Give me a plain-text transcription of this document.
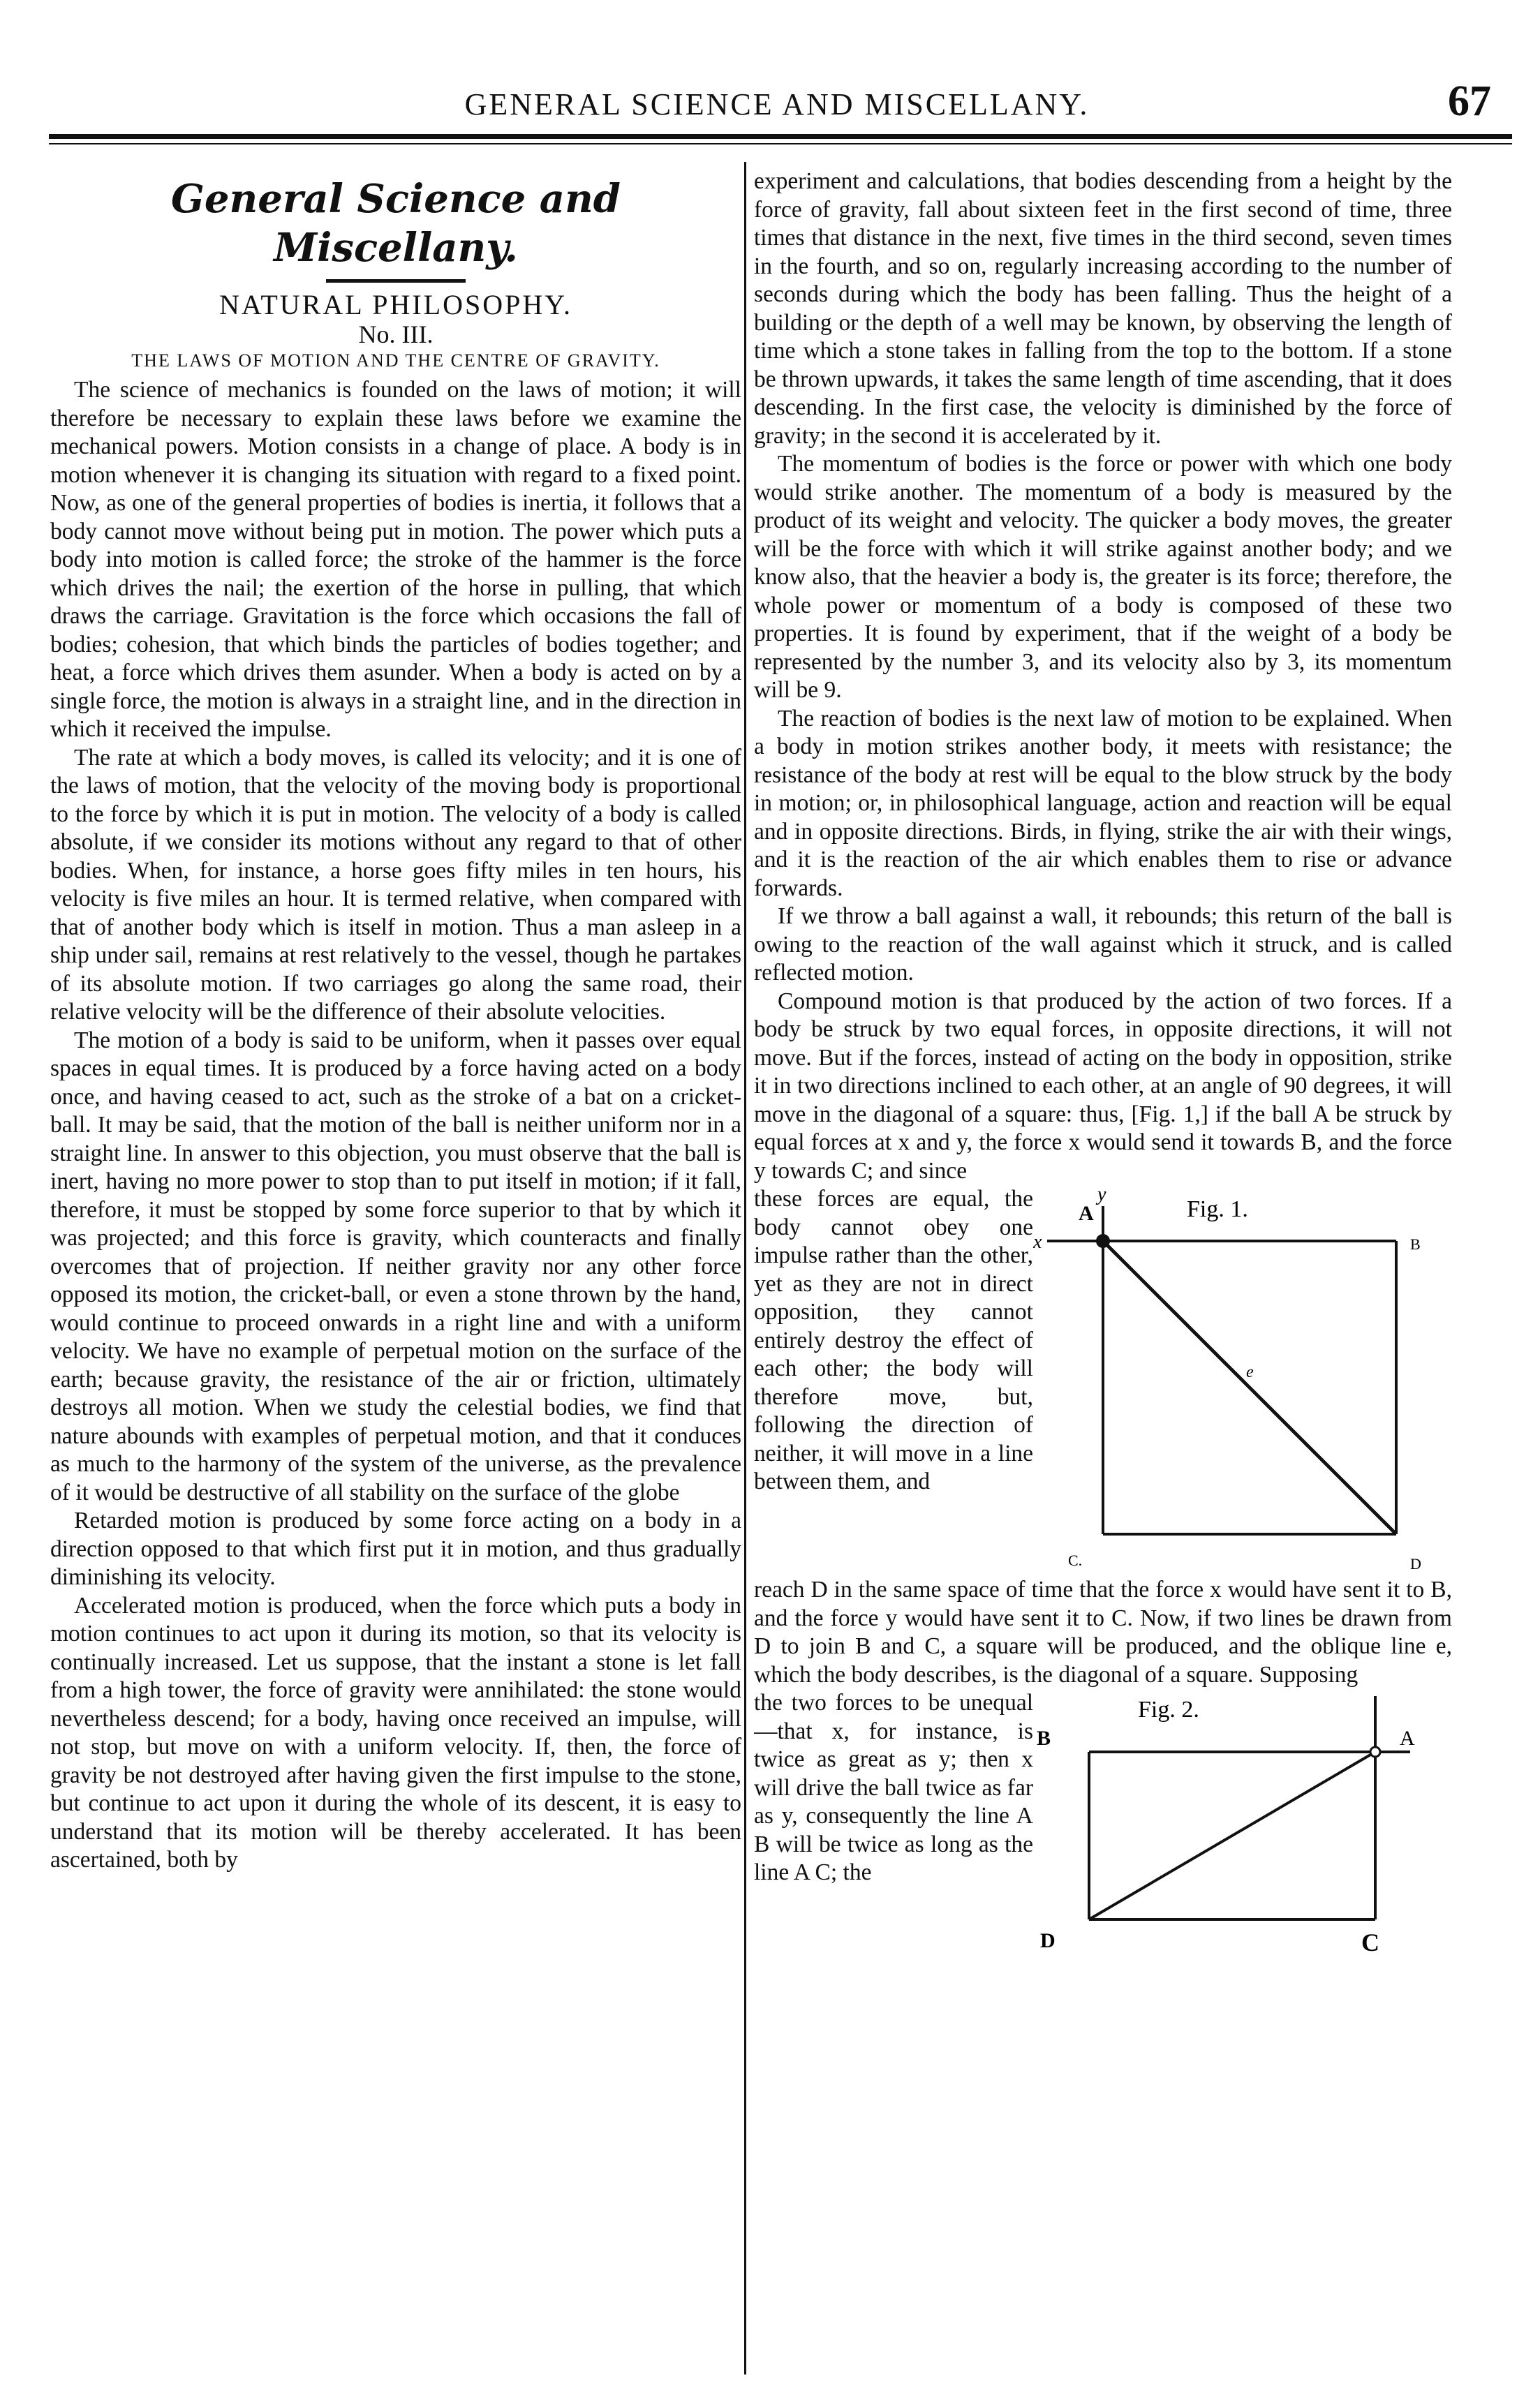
GENERAL SCIENCE AND MISCELLANY.	67
General Science and Miscellany.
NATURAL PHILOSOPHY.
No. III.
THE LAWS OF MOTION AND THE CENTRE OF GRAVITY.

The science of mechanics is founded on the laws of motion; it will therefore be necessary to explain these laws before we examine the mechanical powers. Motion consists in a change of place. A body is in motion whenever it is changing its situation with regard to a fixed point. Now, as one of the general properties of bodies is inertia, it follows that a body cannot move without being put in motion. The power which puts a body into motion is called force; the stroke of the hammer is the force which drives the nail; the exertion of the horse in pulling, that which draws the carriage. Gravitation is the force which occasions the fall of bodies; cohesion, that which binds the particles of bodies together; and heat, a force which drives them asunder. When a body is acted on by a single force, the motion is always in a straight line, and in the direction in which it received the impulse.

The rate at which a body moves, is called its velocity; and it is one of the laws of motion, that the velocity of the moving body is proportional to the force by which it is put in motion. The velocity of a body is called absolute, if we consider its motions without any regard to that of other bodies. When, for instance, a horse goes fifty miles in ten hours, his velocity is five miles an hour. It is termed relative, when compared with that of another body which is itself in motion. Thus a man asleep in a ship under sail, remains at rest relatively to the vessel, though he partakes of its absolute motion. If two carriages go along the same road, their relative velocity will be the difference of their absolute velocities.

The motion of a body is said to be uniform, when it passes over equal spaces in equal times. It is produced by a force having acted on a body once, and having ceased to act, such as the stroke of a bat on a cricket-ball. It may be said, that the motion of the ball is neither uniform nor in a straight line. In answer to this objection, you must observe that the ball is inert, having no more power to stop than to put itself in motion; if it fall, therefore, it must be stopped by some force superior to that by which it was projected; and this force is gravity, which counteracts and finally overcomes that of projection. If neither gravity nor any other force opposed its motion, the cricket-ball, or even a stone thrown by the hand, would continue to proceed onwards in a right line and with a uniform velocity. We have no example of perpetual motion on the surface of the earth; because gravity, the resistance of the air or friction, ultimately destroys all motion. When we study the celestial bodies, we find that nature abounds with examples of perpetual motion, and that it conduces as much to the harmony of the system of the universe, as the prevalence of it would be destructive of all stability on the surface of the globe

Retarded motion is produced by some force acting on a body in a direction opposed to that which first put it in motion, and thus gradually diminishing its velocity.

Accelerated motion is produced, when the force which puts a body in motion continues to act upon it during its motion, so that its velocity is continually increased. Let us suppose, that the instant a stone is let fall from a high tower, the force of gravity were annihilated: the stone would nevertheless descend; for a body, having once received an impulse, will not stop, but move on with a uniform velocity. If, then, the force of gravity be not destroyed after having given the first impulse to the stone, but continue to act upon it during the whole of its descent, it is easy to understand that its motion will be thereby accelerated. It has been ascertained, both by

experiment and calculations, that bodies descending from a height by the force of gravity, fall about sixteen feet in the first second of time, three times that distance in the next, five times in the third second, seven times in the fourth, and so on, regularly increasing according to the number of seconds during which the body has been falling. Thus the height of a building or the depth of a well may be known, by observing the length of time which a stone takes in falling from the top to the bottom. If a stone be thrown upwards, it takes the same length of time ascending, that it does descending. In the first case, the velocity is diminished by the force of gravity; in the second it is accelerated by it.

The momentum of bodies is the force or power with which one body would strike another. The momentum of a body is measured by the product of its weight and velocity. The quicker a body moves, the greater will be the force with which it will strike against another body; and we know also, that the heavier a body is, the greater is its force; therefore, the whole power or momentum of a body is composed of these two properties. It is found by experiment, that if the weight of a body be represented by the number 3, and its velocity also by 3, its momentum will be 9.

The reaction of bodies is the next law of motion to be explained. When a body in motion strikes another body, it meets with resistance; the resistance of the body at rest will be equal to the blow struck by the body in motion; or, in philosophical language, action and reaction will be equal and in opposite directions. Birds, in flying, strike the air with their wings, and it is the reaction of the air which enables them to rise or advance forwards.

If we throw a ball against a wall, it rebounds; this return of the ball is owing to the reaction of the wall against which it struck, and is called reflected motion.

Compound motion is that produced by the action of two forces. If a body be struck by two equal forces, in opposite directions, it will not move. But if the forces, instead of acting on the body in opposition, strike it in two directions inclined to each other, at an angle of 90 degrees, it will move in the diagonal of a square: thus, [Fig. 1,] if the ball A be struck by equal forces at x and y, the force x would send it towards B, and the force y towards C; and since

Fig. 1.
A
B
C.	D
e
x
y

these forces are equal, the body cannot obey one impulse rather than the other, yet as they are not in direct opposition, they cannot entirely destroy the effect of each other; the body will therefore move, but, following the direction of neither, it will move in a line between them, and

reach D in the same space of time that the force x would have sent it to B, and the force y would have sent it to C. Now, if two lines be drawn from D to join B and C, a square will be produced, and the oblique line e, which the body describes, is the diagonal of a square. Supposing

Fig. 2.
B	A
D	C

the two forces to be unequal—that x, for instance, is twice as great as y; then x will drive the ball twice as far as y, consequently the line A B will be twice as long as the line A C; the
